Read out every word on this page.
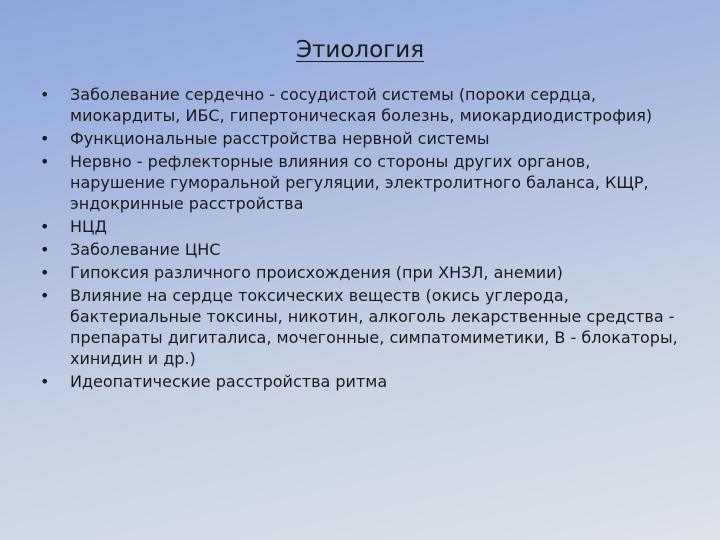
Этиология
•	Заболевание сердечно - сосудистой системы (пороки сердца, миокардиты, ИБС, гипертоническая болезнь, миокардиодистрофия)
•	Функциональные расстройства нервной системы
•	Нервно - рефлекторные влияния со стороны других органов, нарушение гуморальной регуляции, электролитного баланса, КЩР, эндокринные расстройства
•	НЦД
•	Заболевание ЦНС
•	Гипоксия различного происхождения (при ХНЗЛ, анемии)
•	Влияние на сердце токсических веществ (окись углерода, бактериальные токсины, никотин, алкоголь лекарственные средства - препараты дигиталиса, мочегонные, симпатомиметики, В - блокаторы, хинидин и др.)
•	Идеопатические расстройства ритма
